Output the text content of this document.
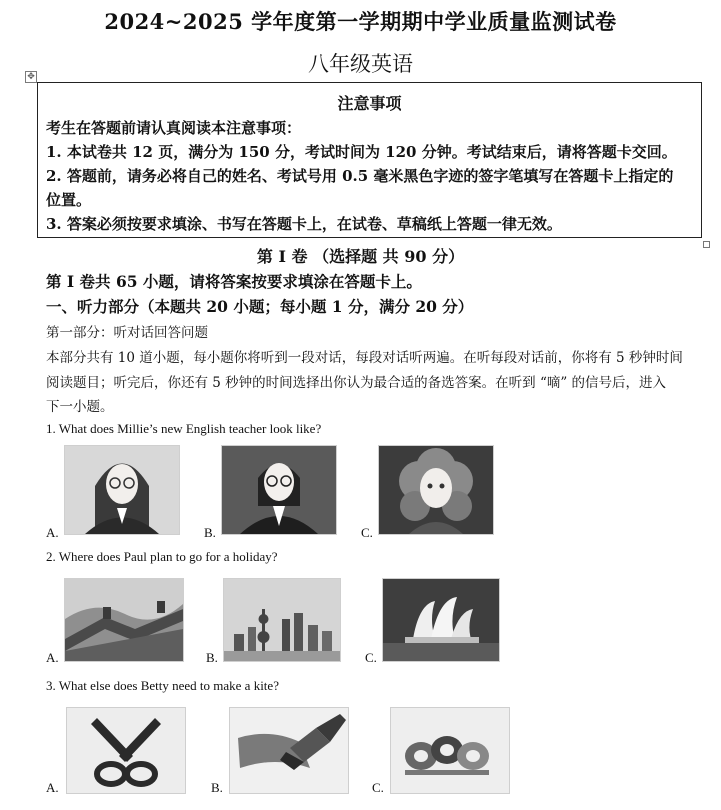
2024~2025 学年度第一学期期中学业质量监测试卷
八年级英语
✥
注意事项
考生在答题前请认真阅读本注意事项：
1. 本试卷共 12 页，满分为 150 分，考试时间为 120 分钟。考试结束后，请将答题卡交回。
2. 答题前，请务必将自己的姓名、考试号用 0.5 毫米黑色字迹的签字笔填写在答题卡上指定的
位置。
3. 答案必须按要求填涂、书写在答题卡上，在试卷、草稿纸上答题一律无效。
第 I 卷 （选择题 共 90 分）
第 I 卷共 65 小题，请将答案按要求填涂在答题卡上。
一、听力部分（本题共 20 小题；每小题 1 分，满分 20 分）
第一部分：听对话回答问题
本部分共有 10 道小题，每小题你将听到一段对话，每段对话听两遍。在听每段对话前，你将有 5 秒钟时间
阅读题目；听完后，你还有 5 秒钟的时间选择出你认为最合适的备选答案。在听到 “嘀” 的信号后，进入
下一小题。
1. What does Millie’s new English teacher look like?
A.	B.	C.
2. Where does Paul plan to go for a holiday?
A.	B.	C.
3. What else does Betty need to make a kite?
A.	B.	C.
